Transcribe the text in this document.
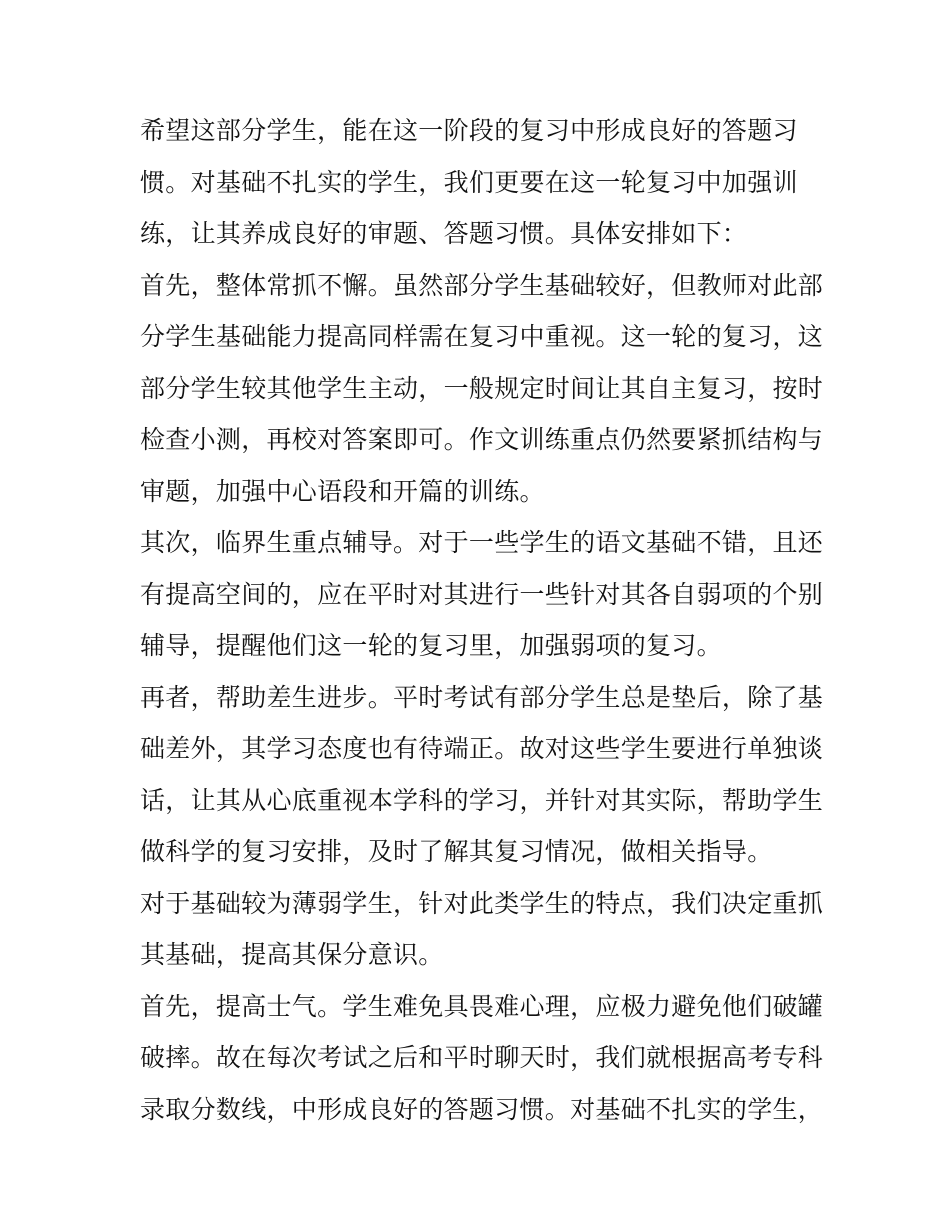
希望这部分学生，能在这一阶段的复习中形成良好的答题习
惯。对基础不扎实的学生，我们更要在这一轮复习中加强训
练，让其养成良好的审题、答题习惯。具体安排如下：
首先，整体常抓不懈。虽然部分学生基础较好，但教师对此部
分学生基础能力提高同样需在复习中重视。这一轮的复习，这
部分学生较其他学生主动，一般规定时间让其自主复习，按时
检查小测，再校对答案即可。作文训练重点仍然要紧抓结构与
审题，加强中心语段和开篇的训练。
其次，临界生重点辅导。对于一些学生的语文基础不错，且还
有提高空间的，应在平时对其进行一些针对其各自弱项的个别
辅导，提醒他们这一轮的复习里，加强弱项的复习。
再者，帮助差生进步。平时考试有部分学生总是垫后，除了基
础差外，其学习态度也有待端正。故对这些学生要进行单独谈
话，让其从心底重视本学科的学习，并针对其实际，帮助学生
做科学的复习安排，及时了解其复习情况，做相关指导。
对于基础较为薄弱学生，针对此类学生的特点，我们决定重抓
其基础，提高其保分意识。
首先，提高士气。学生难免具畏难心理，应极力避免他们破罐
破摔。故在每次考试之后和平时聊天时，我们就根据高考专科
录取分数线，中形成良好的答题习惯。对基础不扎实的学生，
